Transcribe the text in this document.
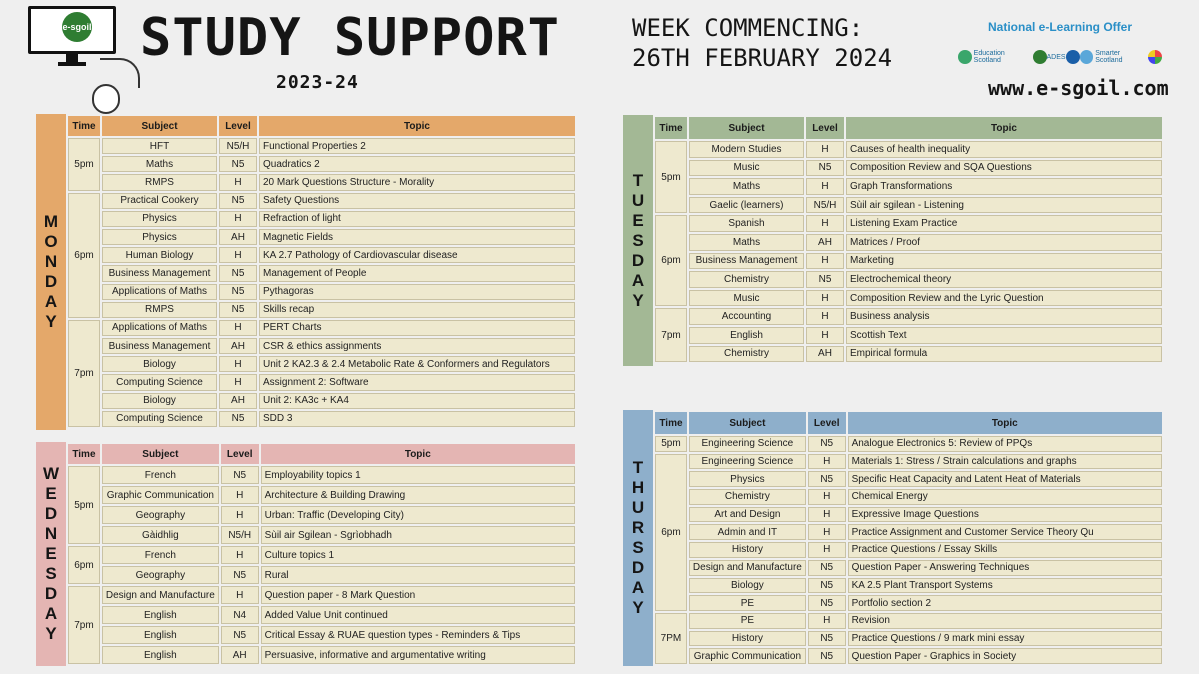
e-sgoil STUDY SUPPORT
2023-24
WEEK COMMENCING:
26TH FEBRUARY 2024
National e-Learning Offer
Education Scotland	ADES	Smarter Scotland
www.e-sgoil.com
M
O
N
D
A
Y
Time	Subject	Level	Topic
5pm	HFT	N5/H	Functional Properties 2
	Maths	N5	Quadratics 2
	RMPS	H	20 Mark Questions Structure - Morality
6pm	Practical Cookery	N5	Safety Questions
	Physics	H	Refraction of light
	Physics	AH	Magnetic Fields
	Human Biology	H	KA 2.7 Pathology of Cardiovascular disease
	Business Management	N5	Management of People
	Applications of Maths	N5	Pythagoras
	RMPS	N5	Skills recap
7pm	Applications of Maths	H	PERT Charts
	Business Management	AH	CSR & ethics assignments
	Biology	H	Unit 2 KA2.3 & 2.4 Metabolic Rate & Conformers and Regulators
	Computing Science	H	Assignment 2: Software
	Biology	AH	Unit 2: KA3c + KA4
	Computing Science	N5	SDD 3
W
E
D
N
E
S
D
A
Y
Time	Subject	Level	Topic
5pm	French	N5	Employability topics 1
	Graphic Communication	H	Architecture & Building Drawing
	Geography	H	Urban: Traffic (Developing City)
	Gàidhlig	N5/H	Sùil air Sgilean - Sgrìobhadh
6pm	French	H	Culture topics 1
	Geography	N5	Rural
7pm	Design and Manufacture	H	Question paper - 8 Mark Question
	English	N4	Added Value Unit continued
	English	N5	Critical Essay & RUAE question types - Reminders & Tips
	English	AH	Persuasive, informative and argumentative writing
T
U
E
S
D
A
Y
Time	Subject	Level	Topic
5pm	Modern Studies	H	Causes of health inequality
	Music	N5	Composition Review and SQA Questions
	Maths	H	Graph Transformations
	Gaelic (learners)	N5/H	Sùil air sgilean - Listening
6pm	Spanish	H	Listening Exam Practice
	Maths	AH	Matrices / Proof
	Business Management	H	Marketing
	Chemistry	N5	Electrochemical theory
	Music	H	Composition Review and the Lyric Question
7pm	Accounting	H	Business analysis
	English	H	Scottish Text
	Chemistry	AH	Empirical formula
T
H
U
R
S
D
A
Y
Time	Subject	Level	Topic
5pm	Engineering Science	N5	Analogue Electronics 5: Review of PPQs
6pm	Engineering Science	H	Materials 1: Stress / Strain calculations and graphs
	Physics	N5	Specific Heat Capacity and Latent Heat of Materials
	Chemistry	H	Chemical Energy
	Art and Design	H	Expressive Image Questions
	Admin and IT	H	Practice Assignment and Customer Service Theory Qu
	History	H	Practice Questions / Essay Skills
	Design and Manufacture	N5	Question Paper - Answering Techniques
	Biology	N5	KA 2.5 Plant Transport Systems
	PE	N5	Portfolio section 2
7PM	PE	H	Revision
	History	N5	Practice Questions / 9 mark mini essay
	Graphic Communication	N5	Question Paper - Graphics in Society
